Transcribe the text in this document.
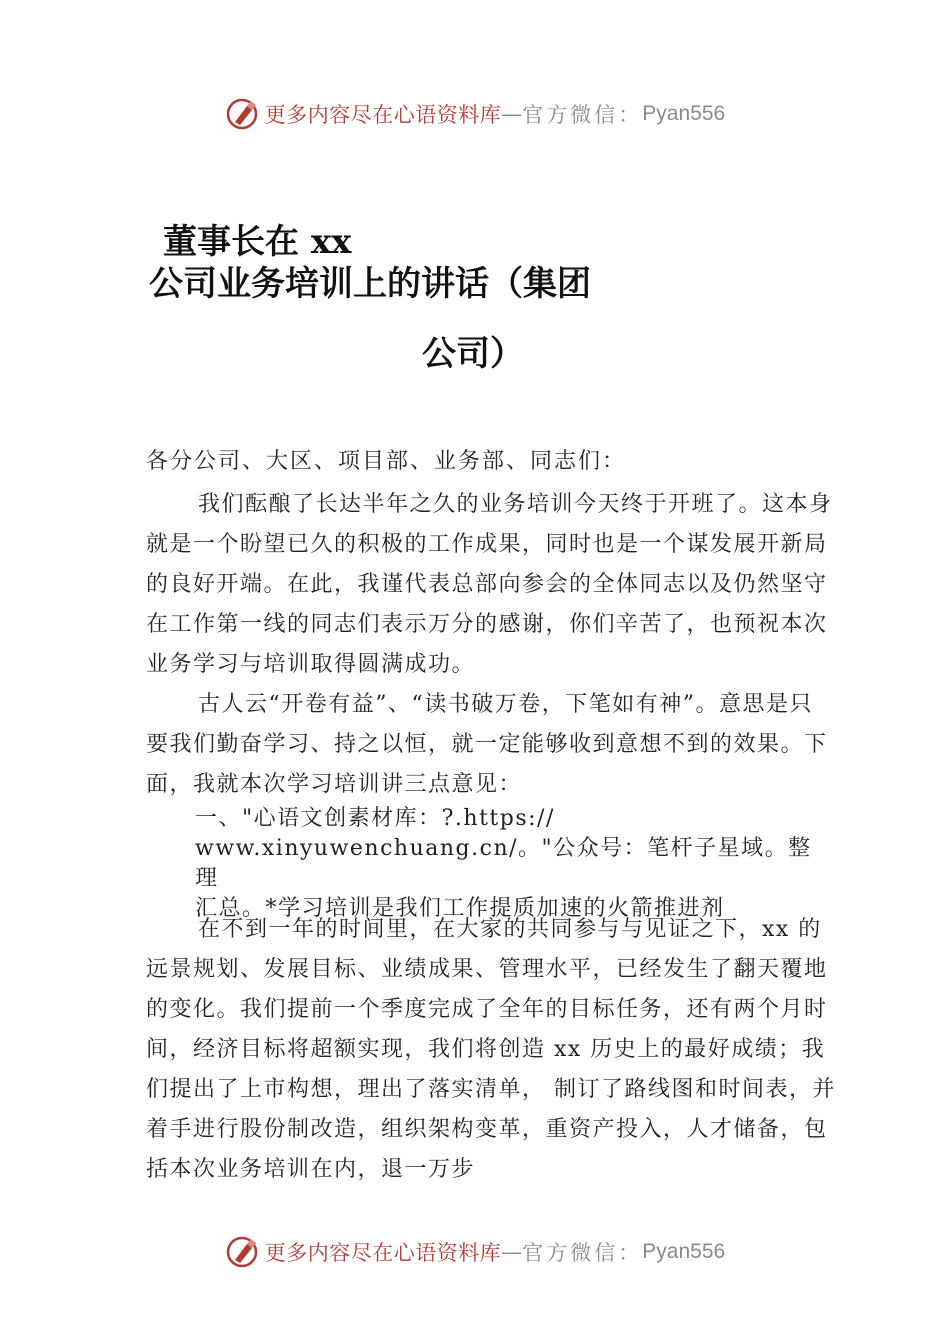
更多内容尽在心语资料库 — 官方微信： Pyan556
董事长在 xx
公司业务培训上的讲话（集团
公司）
各分公司、大区、项目部、业务部、同志们：

我们酝酿了长达半年之久的业务培训今天终于开班了。这本身就是一个盼望已久的积极的工作成果，同时也是一个谋发展开新局的良好开端。在此，我谨代表总部向参会的全体同志以及仍然坚守在工作第一线的同志们表示万分的感谢，你们辛苦了，也预祝本次业务学习与培训取得圆满成功。

古人云“开卷有益”、“读书破万卷，下笔如有神”。意思是只要我们勤奋学习、持之以恒，就一定能够收到意想不到的效果。下面，我就本次学习培训讲三点意见：

一、"心语文创素材库：?.https://

www.xinyuwenchuang.cn/。"公众号：笔杆子星域。整理

汇总。*学习培训是我们工作提质加速的火箭推进剂

在不到一年的时间里，在大家的共同参与与见证之下，xx 的远景规划、发展目标、业绩成果、管理水平，已经发生了翻天覆地的变化。我们提前一个季度完成了全年的目标任务，还有两个月时间，经济目标将超额实现，我们将创造 xx 历史上的最好成绩；我们提出了上市构想，理出了落实清单， 制订了路线图和时间表，并着手进行股份制改造，组织架构变革，重资产投入，人才储备，包括本次业务培训在内，退一万步

更多内容尽在心语资料库 — 官方微信： Pyan556
